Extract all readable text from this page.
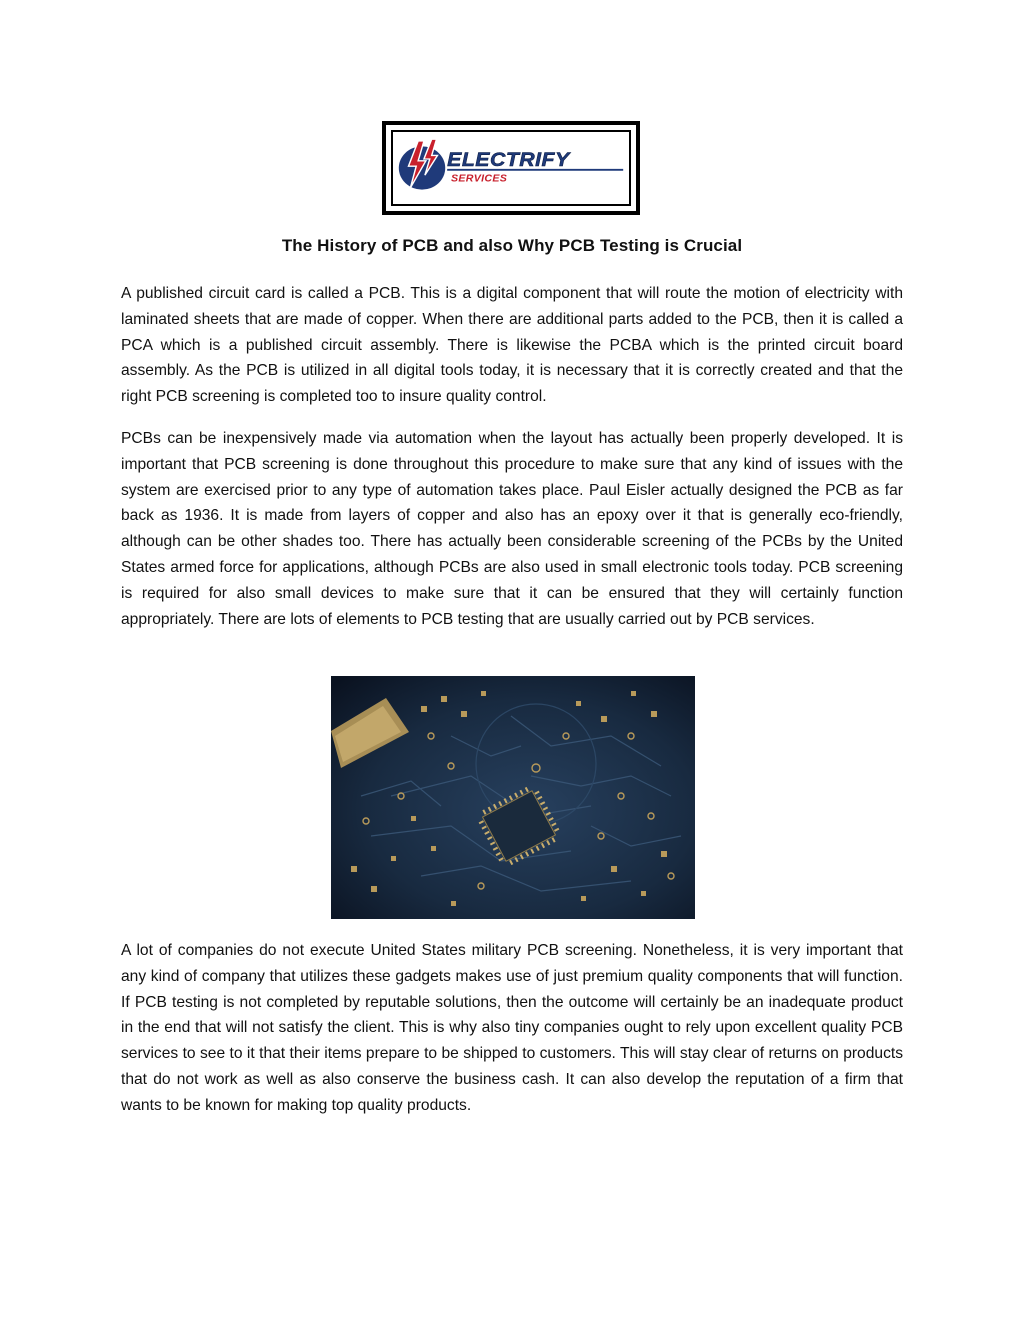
ELECTRIFY
SERVICES
The History of PCB and also Why PCB Testing is Crucial

A published circuit card is called a PCB. This is a digital component that will route the motion of electricity with laminated sheets that are made of copper. When there are additional parts added to the PCB, then it is called a PCA which is a published circuit assembly. There is likewise the PCBA which is the printed circuit board assembly. As the PCB is utilized in all digital tools today, it is necessary that it is correctly created and that the right PCB screening is completed too to insure quality control.

PCBs can be inexpensively made via automation when the layout has actually been properly developed. It is important that PCB screening is done throughout this procedure to make sure that any kind of issues with the system are exercised prior to any type of automation takes place. Paul Eisler actually designed the PCB as far back as 1936. It is made from layers of copper and also has an epoxy over it that is generally eco-friendly, although can be other shades too. There has actually been considerable screening of the PCBs by the United States armed force for applications, although PCBs are also used in small electronic tools today. PCB screening is required for also small devices to make sure that it can be ensured that they will certainly function appropriately. There are lots of elements to PCB testing that are usually carried out by PCB services.

A lot of companies do not execute United States military PCB screening. Nonetheless, it is very important that any kind of company that utilizes these gadgets makes use of just premium quality components that will function. If PCB testing is not completed by reputable solutions, then the outcome will certainly be an inadequate product in the end that will not satisfy the client. This is why also tiny companies ought to rely upon excellent quality PCB services to see to it that their items prepare to be shipped to customers. This will stay clear of returns on products that do not work as well as also conserve the business cash. It can also develop the reputation of a firm that wants to be known for making top quality products.
